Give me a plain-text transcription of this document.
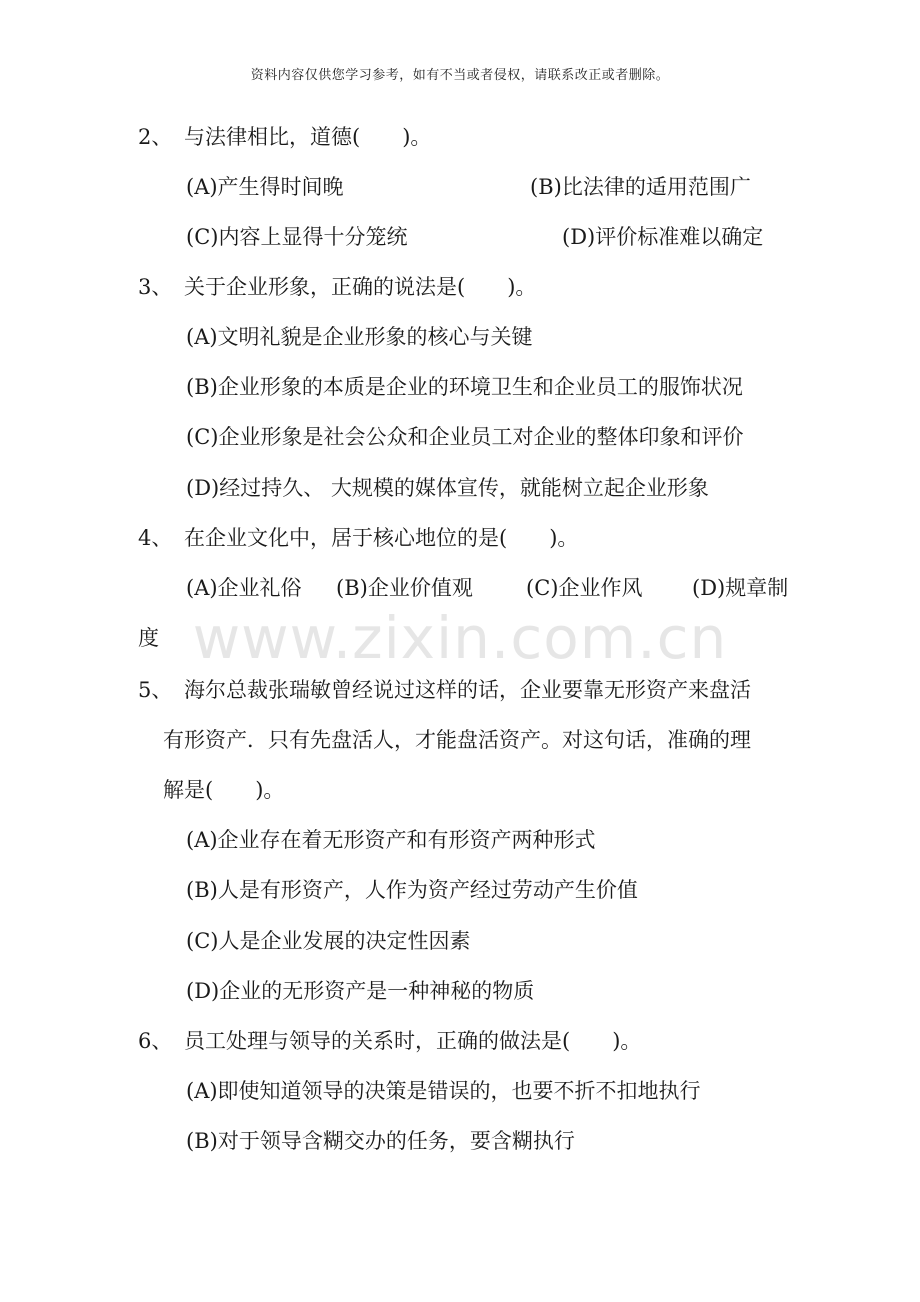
资料内容仅供您学习参考，如有不当或者侵权，请联系改正或者删除。
www.zixin.com.cn
2、 与法律相比，道德(　　)。
(A)产生得时间晚	(B)比法律的适用范围广
(C)内容上显得十分笼统	(D)评价标准难以确定
3、 关于企业形象，正确的说法是(　　)。
(A)文明礼貌是企业形象的核心与关键
(B)企业形象的本质是企业的环境卫生和企业员工的服饰状况
(C)企业形象是社会公众和企业员工对企业的整体印象和评价
(D)经过持久、 大规模的媒体宣传，就能树立起企业形象
4、 在企业文化中，居于核心地位的是(　　)。
(A)企业礼俗 (B)企业价值观	(C)企业作风 (D)规章制
度
5、 海尔总裁张瑞敏曾经说过这样的话，企业要靠无形资产来盘活
有形资产．只有先盘活人，才能盘活资产。对这句话，准确的理
解是(　　)。
(A)企业存在着无形资产和有形资产两种形式
(B)人是有形资产，人作为资产经过劳动产生价值
(C)人是企业发展的决定性因素
(D)企业的无形资产是一种神秘的物质
6、 员工处理与领导的关系时，正确的做法是(　　)。
(A)即使知道领导的决策是错误的，也要不折不扣地执行
(B)对于领导含糊交办的任务，要含糊执行
